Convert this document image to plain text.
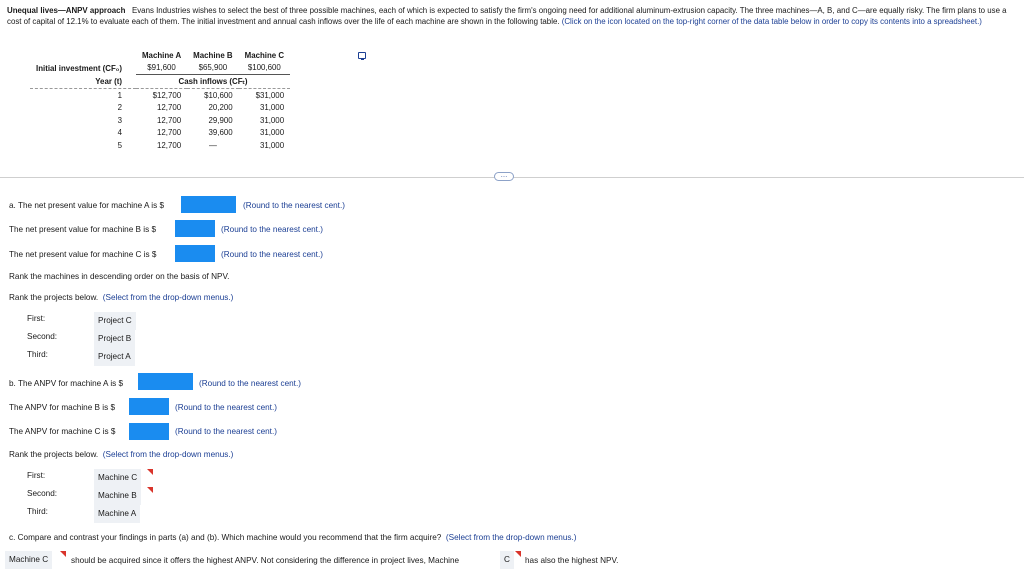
Unequal lives—ANPV approach Evans Industries wishes to select the best of three possible machines, each of which is expected to satisfy the firm's ongoing need for additional aluminum-extrusion capacity. The three machines—A, B, and C—are equally risky. The firm plans to use a cost of capital of 12.1% to evaluate each of them. The initial investment and annual cash inflows over the life of each machine are shown in the following table. (Click on the icon located on the top-right corner of the data table below in order to copy its contents into a spreadsheet.)
	Machine A	Machine B	Machine C
Initial investment (CF₀)	$91,600	$65,900	$100,600
Year (t)	Cash inflows (CFₜ)		
1	$12,700	$10,600	$31,000
2	12,700	20,200	31,000
3	12,700	29,900	31,000
4	12,700	39,600	31,000
5	12,700	—	31,000
…
a. The net present value for machine A is $	(Round to the nearest cent.)
The net present value for machine B is $	(Round to the nearest cent.)
The net present value for machine C is $	(Round to the nearest cent.)
Rank the machines in descending order on the basis of NPV.
Rank the projects below. (Select from the drop-down menus.)
First:	Project C
Second:	Project B
Third:	Project A
b. The ANPV for machine A is $	(Round to the nearest cent.)
The ANPV for machine B is $	(Round to the nearest cent.)
The ANPV for machine C is $	(Round to the nearest cent.)
Rank the projects below. (Select from the drop-down menus.)
First:	Machine C
Second:	Machine B
Third:	Machine A
c. Compare and contrast your findings in parts (a) and (b). Which machine would you recommend that the firm acquire? (Select from the drop-down menus.)
Machine C	should be acquired since it offers the highest ANPV. Not considering the difference in project lives, Machine	C	has also the highest NPV.
